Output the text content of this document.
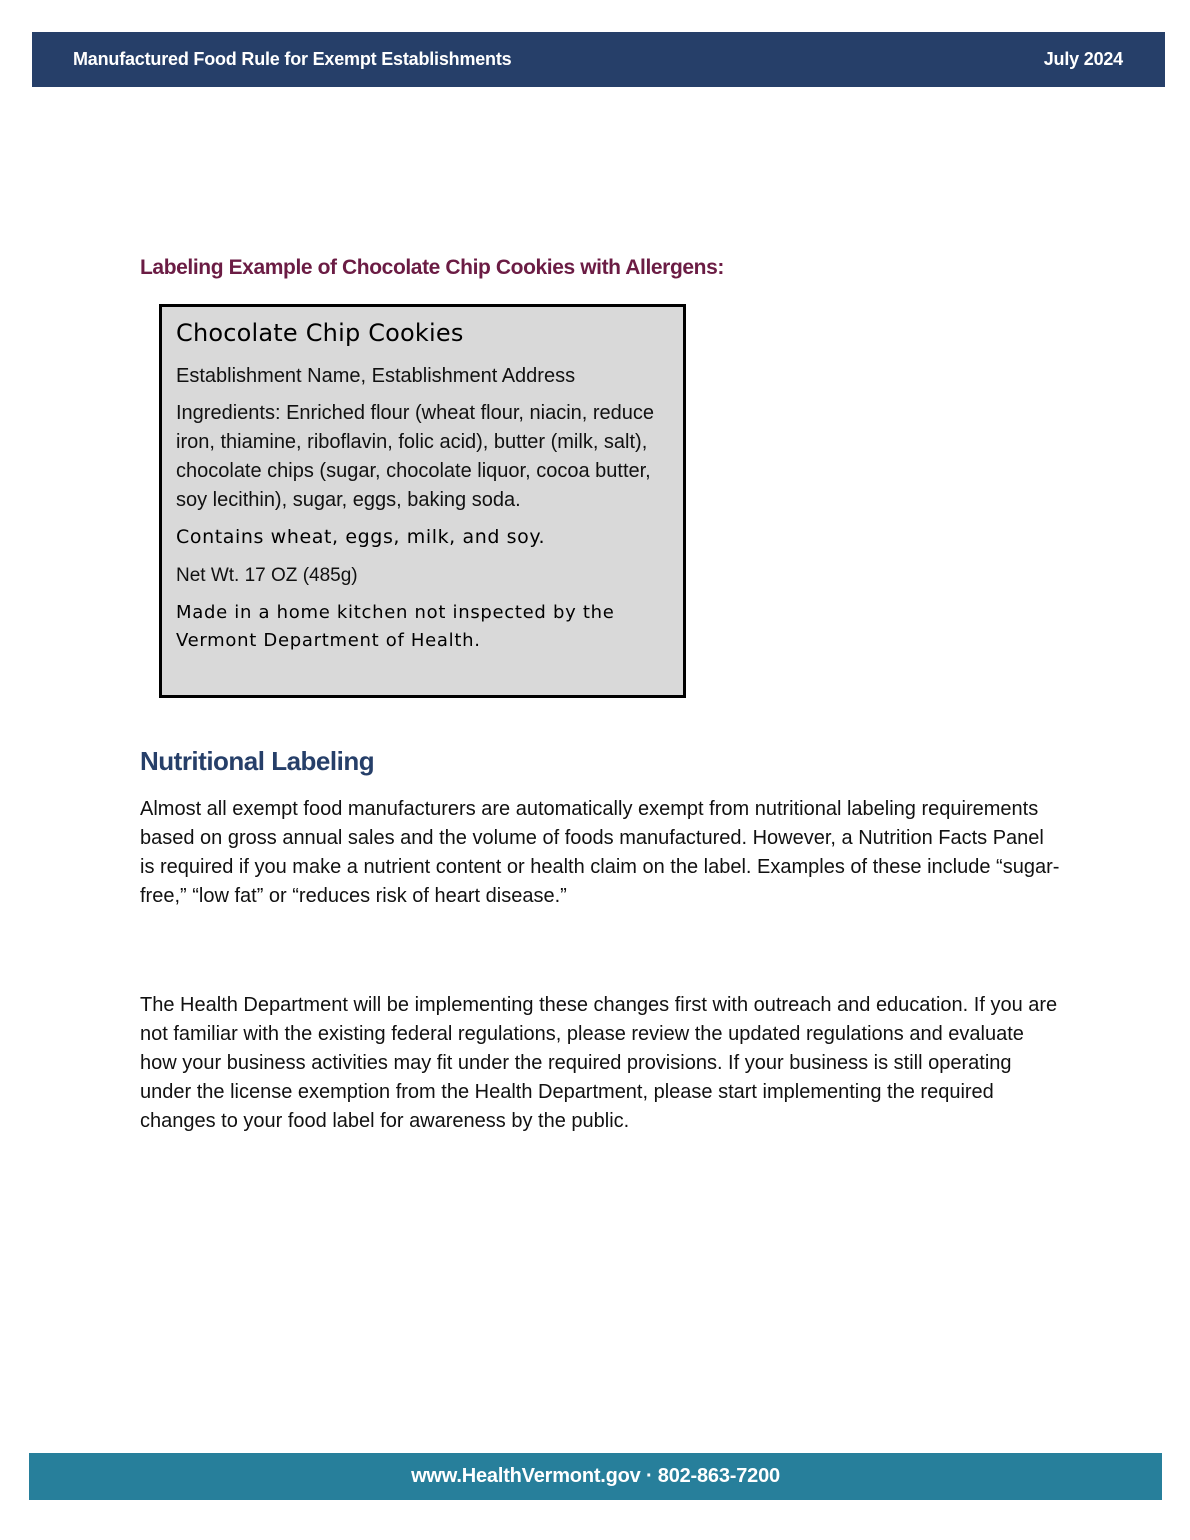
Manufactured Food Rule for Exempt Establishments	July 2024
Labeling Example of Chocolate Chip Cookies with Allergens:
Chocolate Chip Cookies
Establishment Name, Establishment Address
Ingredients: Enriched flour (wheat flour, niacin, reduce iron, thiamine, riboflavin, folic acid), butter (milk, salt), chocolate chips (sugar, chocolate liquor, cocoa butter, soy lecithin), sugar, eggs, baking soda.
Contains wheat, eggs, milk, and soy.
Net Wt. 17 OZ (485g)
Made in a home kitchen not inspected by the Vermont Department of Health.
Nutritional Labeling

Almost all exempt food manufacturers are automatically exempt from nutritional labeling requirements based on gross annual sales and the volume of foods manufactured. However, a Nutrition Facts Panel is required if you make a nutrient content or health claim on the label. Examples of these include “sugar-free,” “low fat” or “reduces risk of heart disease.”

The Health Department will be implementing these changes first with outreach and education. If you are not familiar with the existing federal regulations, please review the updated regulations and evaluate how your business activities may fit under the required provisions. If your business is still operating under the license exemption from the Health Department, please start implementing the required changes to your food label for awareness by the public.

www.HealthVermont.gov · 802-863-7200
